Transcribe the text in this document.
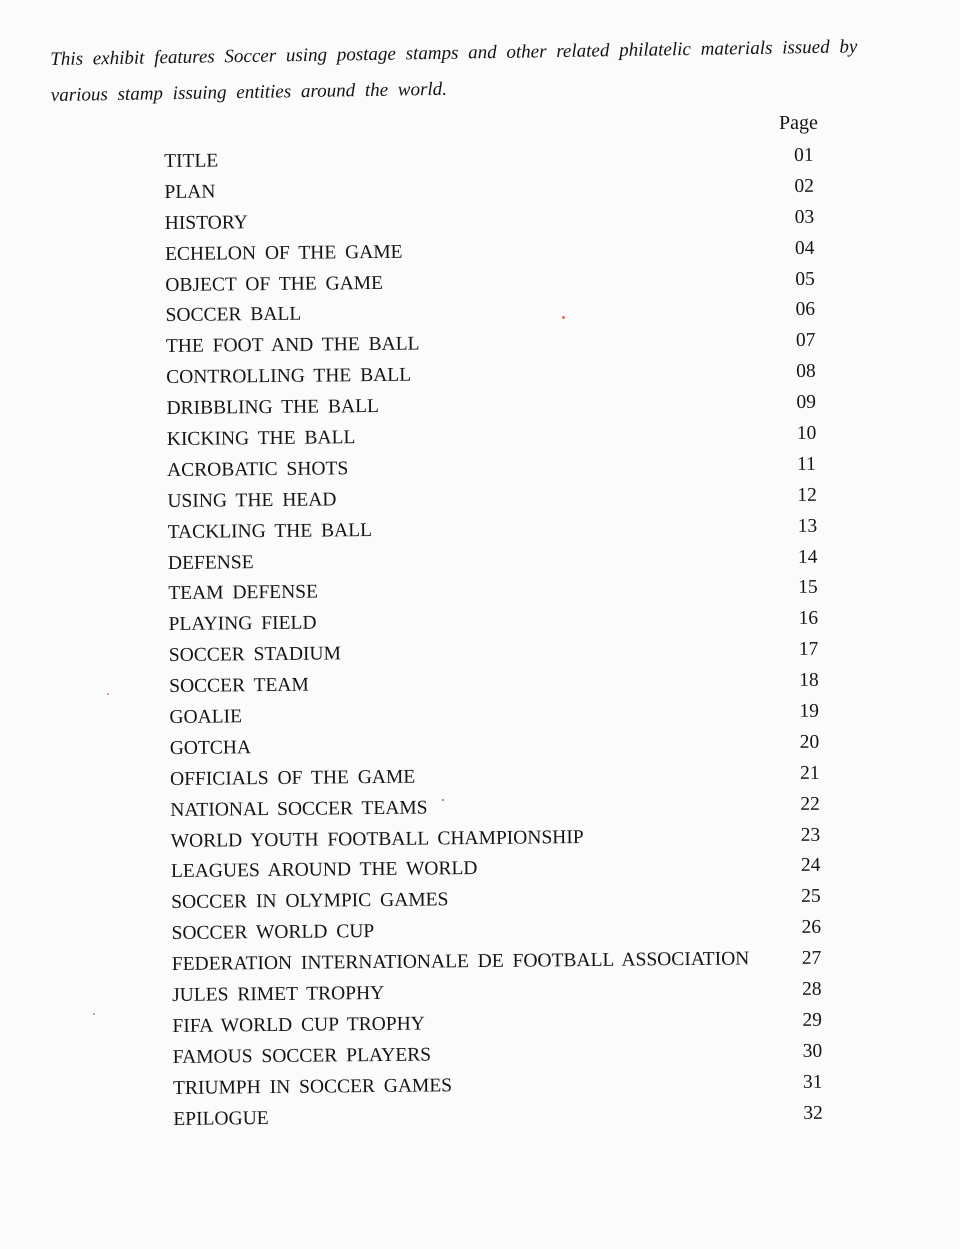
This exhibit features Soccer using postage stamps and other related philatelic materials issued by various stamp issuing entities around the world.

Page

TITLE	01
PLAN	02
HISTORY	03
ECHELON OF THE GAME	04
OBJECT OF THE GAME	05
SOCCER BALL	06
THE FOOT AND THE BALL	07
CONTROLLING THE BALL	08
DRIBBLING THE BALL	09
KICKING THE BALL	10
ACROBATIC SHOTS	11
USING THE HEAD	12
TACKLING THE BALL	13
DEFENSE	14
TEAM DEFENSE	15
PLAYING FIELD	16
SOCCER STADIUM	17
SOCCER TEAM	18
GOALIE	19
GOTCHA	20
OFFICIALS OF THE GAME	21
NATIONAL SOCCER TEAMS	22
WORLD YOUTH FOOTBALL CHAMPIONSHIP	23
LEAGUES AROUND THE WORLD	24
SOCCER IN OLYMPIC GAMES	25
SOCCER WORLD CUP	26
FEDERATION INTERNATIONALE DE FOOTBALL ASSOCIATION	27
JULES RIMET TROPHY	28
FIFA WORLD CUP TROPHY	29
FAMOUS SOCCER PLAYERS	30
TRIUMPH IN SOCCER GAMES	31
EPILOGUE	32
